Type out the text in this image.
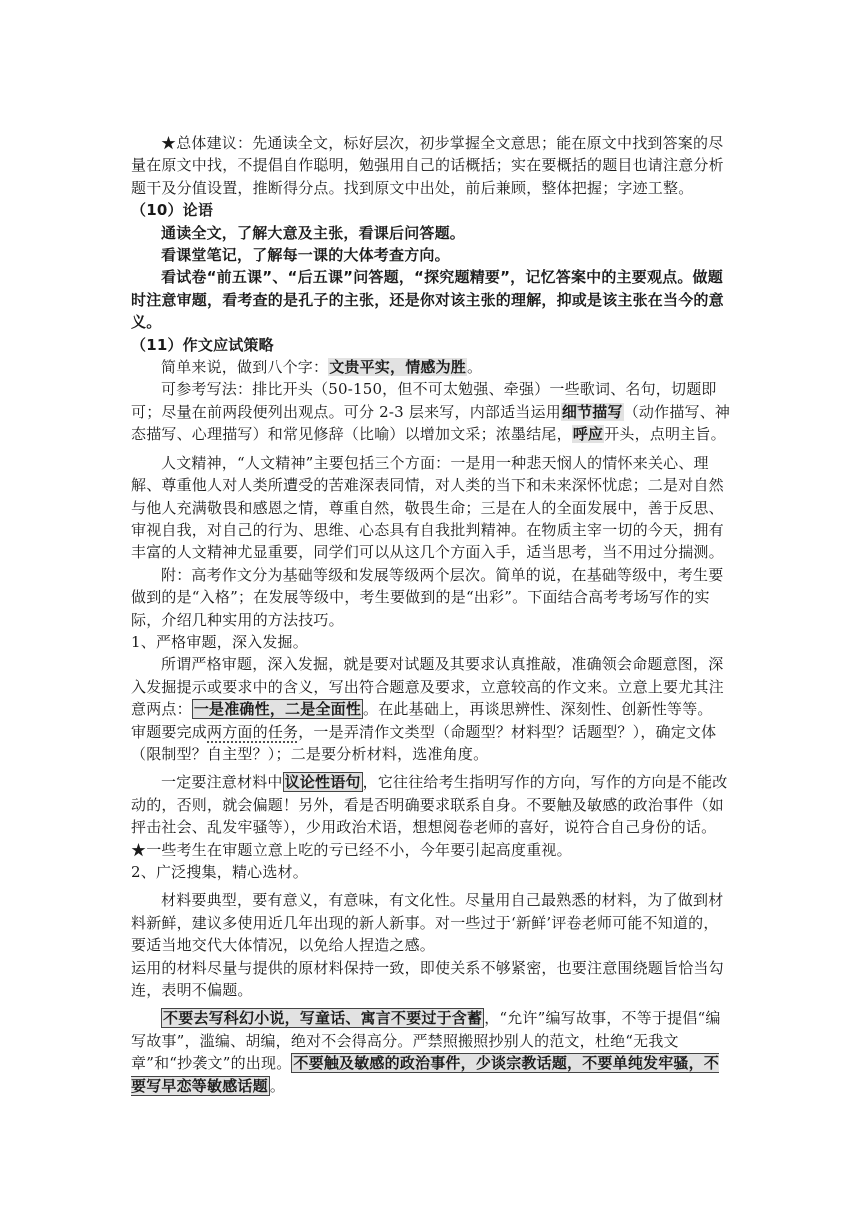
★总体建议：先通读全文，标好层次，初步掌握全文意思；能在原文中找到答案的尽量在原文中找，不提倡自作聪明，勉强用自己的话概括；实在要概括的题目也请注意分析题干及分值设置，推断得分点。找到原文中出处，前后兼顾，整体把握；字迹工整。

（10）论语

通读全文，了解大意及主张，看课后问答题。

看课堂笔记，了解每一课的大体考查方向。

看试卷“前五课”、“后五课”问答题，“探究题精要”，记忆答案中的主要观点。做题时注意审题，看考查的是孔子的主张，还是你对该主张的理解，抑或是该主张在当今的意义。

（11）作文应试策略

简单来说，做到八个字：文贵平实，情感为胜。

可参考写法：排比开头（50-150，但不可太勉强、牵强）一些歌词、名句，切题即可；尽量在前两段便列出观点。可分 2-3 层来写，内部适当运用细节描写（动作描写、神态描写、心理描写）和常见修辞（比喻）以增加文采；浓墨结尾，呼应开头，点明主旨。

人文精神，“人文精神”主要包括三个方面：一是用一种悲天悯人的情怀来关心、理解、尊重他人对人类所遭受的苦难深表同情，对人类的当下和未来深怀忧虑；二是对自然与他人充满敬畏和感恩之情，尊重自然，敬畏生命；三是在人的全面发展中，善于反思、审视自我，对自己的行为、思维、心态具有自我批判精神。在物质主宰一切的今天，拥有丰富的人文精神尤显重要，同学们可以从这几个方面入手，适当思考，当不用过分揣测。

附：高考作文分为基础等级和发展等级两个层次。简单的说，在基础等级中，考生要做到的是“入格”；在发展等级中，考生要做到的是“出彩”。下面结合高考考场写作的实际，介绍几种实用的方法技巧。

1、严格审题，深入发掘。

所谓严格审题，深入发掘，就是要对试题及其要求认真推敲，准确领会命题意图，深入发掘提示或要求中的含义，写出符合题意及要求，立意较高的作文来。立意上要尤其注意两点： 一是准确性，二是全面性 。在此基础上，再谈思辨性、深刻性、创新性等等。

审题要完成两方面的任务，一是弄清作文类型（命题型？材料型？话题型？），确定文体（限制型？自主型？）；二是要分析材料，选准角度。

一定要注意材料中 议论性语句 ，它往往给考生指明写作的方向，写作的方向是不能改动的，否则，就会偏题！另外，看是否明确要求联系自身。不要触及敏感的政治事件（如抨击社会、乱发牢骚等），少用政治术语，想想阅卷老师的喜好，说符合自己身份的话。

★一些考生在审题立意上吃的亏已经不小，今年要引起高度重视。

2、广泛搜集，精心选材。

材料要典型，要有意义，有意味，有文化性。尽量用自己最熟悉的材料，为了做到材料新鲜，建议多使用近几年出现的新人新事。对一些过于‘新鲜’评卷老师可能不知道的，要适当地交代大体情况，以免给人捏造之感。

运用的材料尽量与提供的原材料保持一致，即使关系不够紧密，也要注意围绕题旨恰当勾连，表明不偏题。

不要去写科幻小说，写童话、寓言不要过于含蓄 ，“允许”编写故事，不等于提倡“编写故事”，滥编、胡编，绝对不会得高分。严禁照搬照抄别人的范文，杜绝“无我文章”和“抄袭文”的出现。 不要触及敏感的政治事件，少谈宗教话题，不要单纯发牢骚，不要写早恋等敏感话题 。
